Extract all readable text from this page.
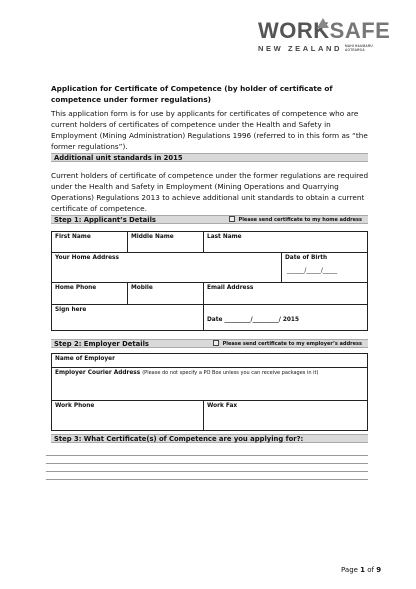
WORKSAFE
NEW ZEALAND MAHI HAUMARU
AOTEAROA
Application for Certificate of Competence (by holder of certificate of competence under former regulations)
This application form is for use by applicants for certificates of competence who are current holders of certificates of competence under the Health and Safety in Employment (Mining Administration) Regulations 1996 (referred to in this form as “the former regulations”).
Additional unit standards in 2015
Current holders of certificate of competence under the former regulations are required under the Health and Safety in Employment (Mining Operations and Quarrying Operations) Regulations 2013 to achieve additional unit standards to obtain a current certificate of competence.
Step 1: Applicant’s Details	Please send certificate to my home address
First Name	Middle Name	Last Name	
Your Home Address			Date of Birth
______/_____/_____

Home Phone	Mobile	Email Address	
Sign here		Date _________/_________/ 2015	
Step 2: Employer Details	Please send certificate to my employer’s address
Name of Employer
Employer Courier Address (Please do not specify a PO Box unless you can receive packages in it)
Work Phone	Work Fax
Step 3: What Certificate(s) of Competence are you applying for?:
Page 1 of 9
